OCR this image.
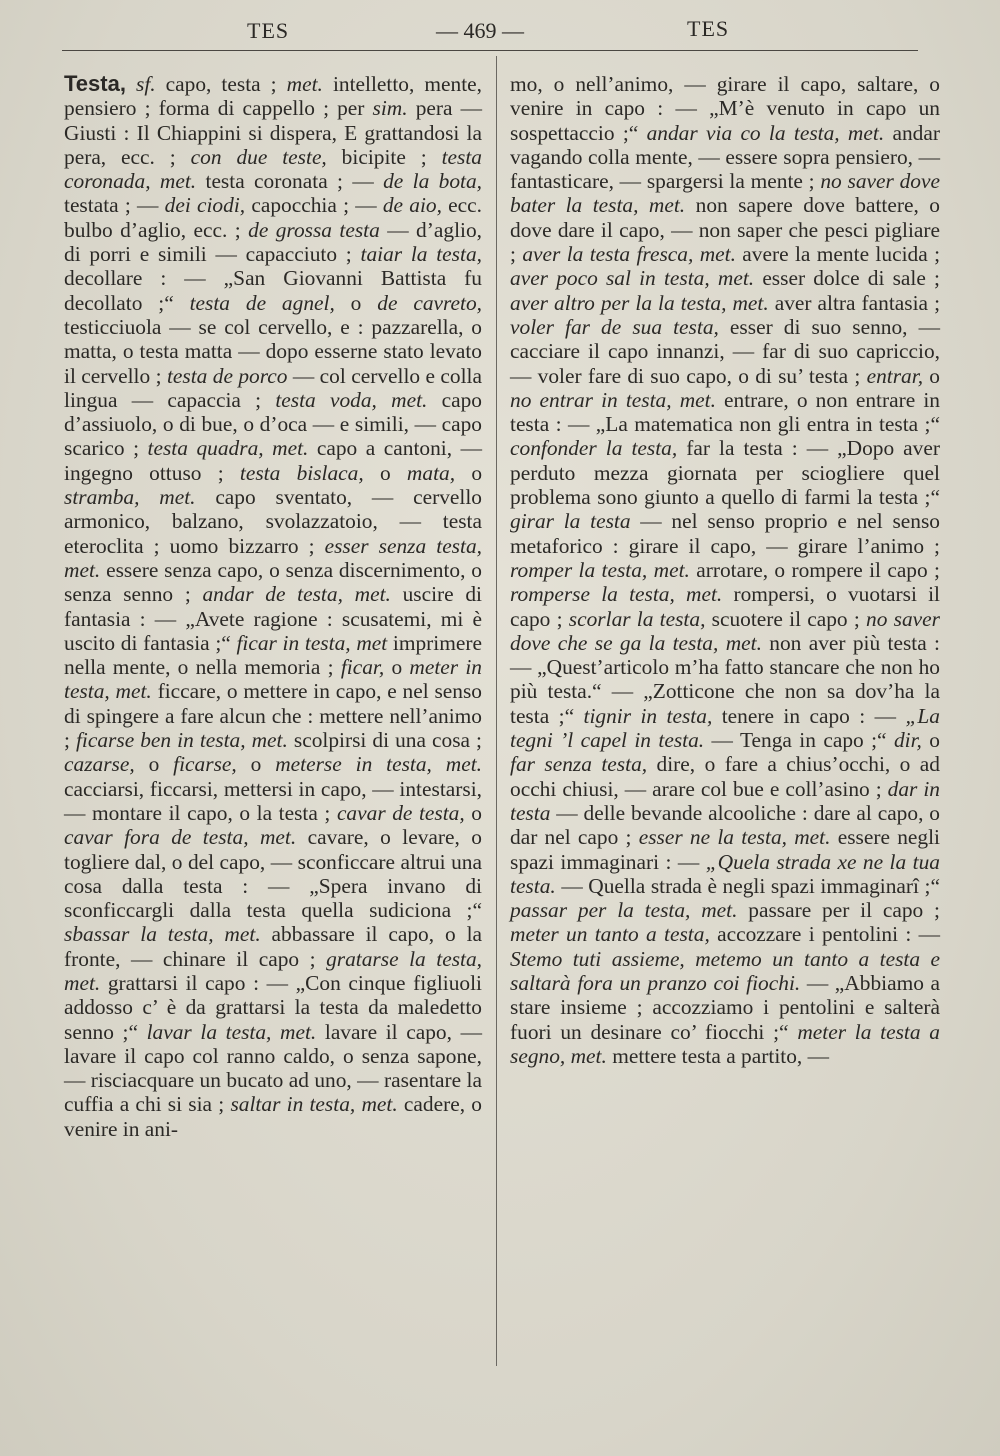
TES	— 469 —	TES

Testa, sf. capo, testa ; met. intelletto, mente, pensiero ; forma di cappello ; per sim. pera — Giusti : Il Chiappini si dispera, E grattandosi la pera, ecc. ; con due teste, bicipite ; testa coronada, met. testa coronata ; — de la bota, testata ; — dei ciodi, capocchia ; — de aio, ecc. bulbo d’aglio, ecc. ; de grossa testa — d’aglio, di porri e simili — capacciuto ; taiar la testa, decollare : — „San Giovanni Battista fu decollato ;“ testa de agnel, o de cavreto, testicciuola — se col cervello, e : pazzarella, o matta, o testa matta — dopo esserne stato levato il cervello ; testa de porco — col cervello e colla lingua — capaccia ; testa voda, met. capo d’assiuolo, o di bue, o d’oca — e simili, — capo scarico ; testa quadra, met. capo a cantoni, — ingegno ottuso ; testa bislaca, o mata, o stramba, met. capo sventato, — cervello armonico, balzano, svolazzatoio, — testa eteroclita ; uomo bizzarro ; esser senza testa, met. essere senza capo, o senza discernimento, o senza senno ; andar de testa, met. uscire di fantasia : — „Avete ragione : scusatemi, mi è uscito di fantasia ;“ ficar in testa, met imprimere nella mente, o nella memoria ; ficar, o meter in testa, met. ficcare, o mettere in capo, e nel senso di spingere a fare alcun che : mettere nell’animo ; ficarse ben in testa, met. scolpirsi di una cosa ; cazarse, o ficarse, o meterse in testa, met. cacciarsi, ficcarsi, mettersi in capo, — intestarsi, — montare il capo, o la testa ; cavar de testa, o cavar fora de testa, met. cavare, o levare, o togliere dal, o del capo, — sconficcare altrui una cosa dalla testa : — „Spera invano di sconficcargli dalla testa quella sudiciona ;“ sbassar la testa, met. abbassare il capo, o la fronte, — chinare il capo ; gratarse la testa, met. grattarsi il capo : — „Con cinque figliuoli addosso c’ è da grattarsi la testa da maledetto senno ;“ lavar la testa, met. lavare il capo, — lavare il capo col ranno caldo, o senza sapone, — risciacquare un bucato ad uno, — rasentare la cuffia a chi si sia ; saltar in testa, met. cadere, o venire in ani-

mo, o nell’animo, — girare il capo, saltare, o venire in capo : — „M’è venuto in capo un sospettaccio ;“ andar via co la testa, met. andar vagando colla mente, — essere sopra pensiero, — fantasticare, — spargersi la mente ; no saver dove bater la testa, met. non sapere dove battere, o dove dare il capo, — non saper che pesci pigliare ; aver la testa fresca, met. avere la mente lucida ; aver poco sal in testa, met. esser dolce di sale ; aver altro per la la testa, met. aver altra fantasia ; voler far de sua testa, esser di suo senno, — cacciare il capo innanzi, — far di suo capriccio, — voler fare di suo capo, o di su’ testa ; entrar, o no entrar in testa, met. entrare, o non entrare in testa : — „La matematica non gli entra in testa ;“ confonder la testa, far la testa : — „Dopo aver perduto mezza giornata per sciogliere quel problema sono giunto a quello di farmi la testa ;“ girar la testa — nel senso proprio e nel senso metaforico : girare il capo, — girare l’animo ; romper la testa, met. arrotare, o rompere il capo ; romperse la testa, met. rompersi, o vuotarsi il capo ; scorlar la testa, scuotere il capo ; no saver dove che se ga la testa, met. non aver più testa : — „Quest’articolo m’ha fatto stancare che non ho più testa.“ — „Zotticone che non sa dov’ha la testa ;“ tignir in testa, tenere in capo : — „La tegni ’l capel in testa. — Tenga in capo ;“ dir, o far senza testa, dire, o fare a chius’occhi, o ad occhi chiusi, — arare col bue e coll’asino ; dar in testa — delle bevande alcooliche : dare al capo, o dar nel capo ; esser ne la testa, met. essere negli spazi immaginari : — „Quela strada xe ne la tua testa. — Quella strada è negli spazi immaginarî ;“ passar per la testa, met. passare per il capo ; meter un tanto a testa, accozzare i pentolini : — Stemo tuti assieme, metemo un tanto a testa e saltarà fora un pranzo coi fiochi. — „Abbiamo a stare insieme ; accozziamo i pentolini e salterà fuori un desinare co’ fiocchi ;“ meter la testa a segno, met. mettere testa a partito, —
